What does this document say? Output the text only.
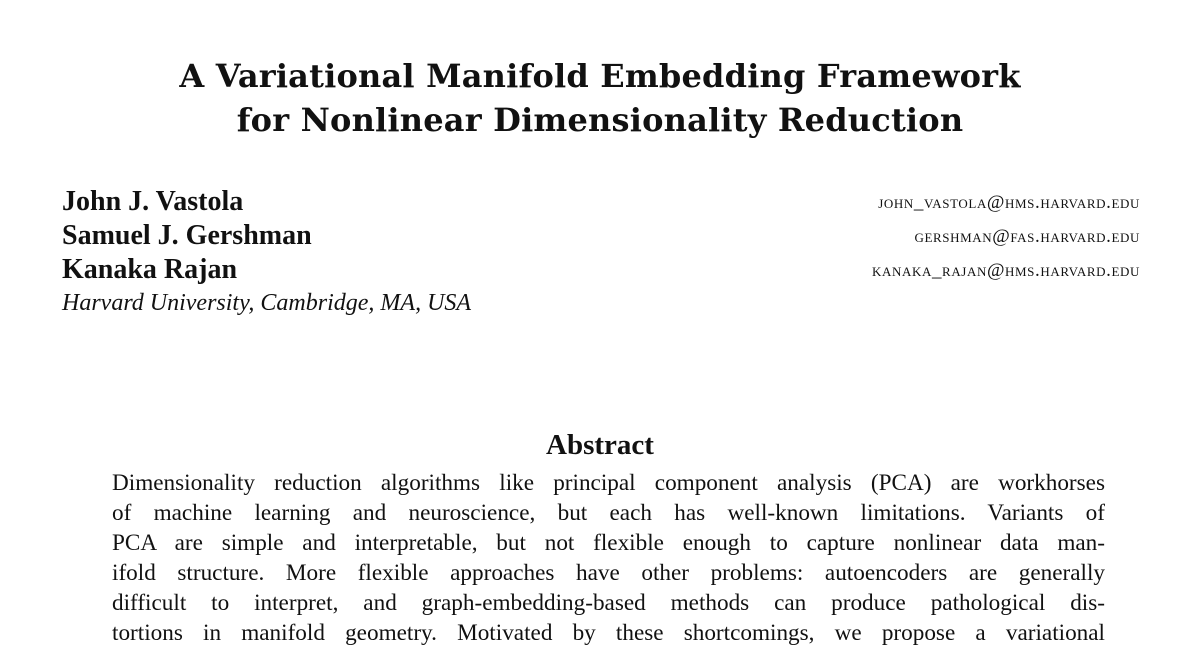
A Variational Manifold Embedding Framework
for Nonlinear Dimensionality Reduction
John J. Vastola	john_vastola@hms.harvard.edu
Samuel J. Gershman	gershman@fas.harvard.edu
Kanaka Rajan	kanaka_rajan@hms.harvard.edu
Harvard University, Cambridge, MA, USA
Abstract
Dimensionality reduction algorithms like principal component analysis (PCA) are workhorses
of machine learning and neuroscience, but each has well-known limitations. Variants of
PCA are simple and interpretable, but not flexible enough to capture nonlinear data man-
ifold structure. More flexible approaches have other problems: autoencoders are generally
difficult to interpret, and graph-embedding-based methods can produce pathological dis-
tortions in manifold geometry. Motivated by these shortcomings, we propose a variational
